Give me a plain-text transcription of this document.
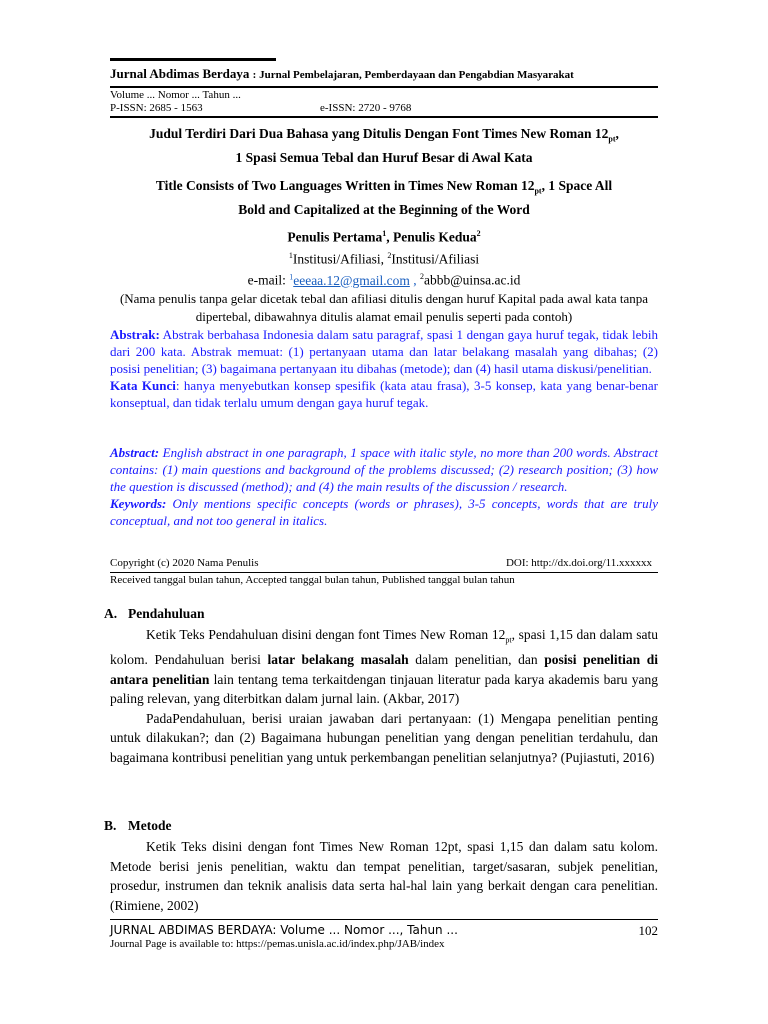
Jurnal Abdimas Berdaya : Jurnal Pembelajaran, Pemberdayaan dan Pengabdian Masyarakat
Volume ... Nomor ... Tahun ...
P-ISSN: 2685 - 1563	e-ISSN: 2720 - 9768
Judul Terdiri Dari Dua Bahasa yang Ditulis Dengan Font Times New Roman $12_{pt}$,
1 Spasi Semua Tebal dan Huruf Besar di Awal Kata
Title Consists of Two Languages Written in Times New Roman $12_{pt}$, 1 Space All
Bold and Capitalized at the Beginning of the Word
Penulis Pertama$^1$, Penulis Kedua$^2$
$^1$Institusi/Afiliasi, $^2$Institusi/Afiliasi
e-mail: $^1$eeeaa.12@gmail.com , $^2$abbb@uinsa.ac.id
(Nama penulis tanpa gelar dicetak tebal dan afiliasi ditulis dengan huruf Kapital pada awal kata tanpa dipertebal, dibawahnya ditulis alamat email penulis seperti pada contoh)
Abstrak: Abstrak berbahasa Indonesia dalam satu paragraf, spasi 1 dengan gaya huruf tegak, tidak lebih dari 200 kata. Abstrak memuat: (1) pertanyaan utama dan latar belakang masalah yang dibahas; (2) posisi penelitian; (3) bagaimana pertanyaan itu dibahas (metode); dan (4) hasil utama diskusi/penelitian.
Kata Kunci: hanya menyebutkan konsep spesifik (kata atau frasa), 3-5 konsep, kata yang benar-benar konseptual, dan tidak terlalu umum dengan gaya huruf tegak.
Abstract: English abstract in one paragraph, 1 space with italic style, no more than 200 words. Abstract contains: (1) main questions and background of the problems discussed; (2) research position; (3) how the question is discussed (method); and (4) the main results of the discussion / research.
Keywords: Only mentions specific concepts (words or phrases), 3-5 concepts, words that are truly conceptual, and not too general in italics.
Copyright (c) 2020 Nama Penulis	DOI: http://dx.doi.org/11.xxxxxx
Received tanggal bulan tahun, Accepted tanggal bulan tahun, Published tanggal bulan tahun
A. Pendahuluan

Ketik Teks Pendahuluan disini dengan font Times New Roman $12_{pt}$, spasi 1,15 dan dalam satu kolom. Pendahuluan berisi latar belakang masalah dalam penelitian, dan posisi penelitian di antara penelitian lain tentang tema terkaitdengan tinjauan literatur pada karya akademis baru yang paling relevan, yang diterbitkan dalam jurnal lain. (Akbar, 2017)

PadaPendahuluan, berisi uraian jawaban dari pertanyaan: (1) Mengapa penelitian penting untuk dilakukan?; dan (2) Bagaimana hubungan penelitian yang dengan penelitian terdahulu, dan bagaimana kontribusi penelitian yang untuk perkembangan penelitian selanjutnya? (Pujiastuti, 2016)

B. Metode

Ketik Teks disini dengan font Times New Roman 12pt, spasi 1,15 dan dalam satu kolom. Metode berisi jenis penelitian, waktu dan tempat penelitian, target/sasaran, subjek penelitian, prosedur, instrumen dan teknik analisis data serta hal-hal lain yang berkait dengan cara penelitian. (Rimiene, 2002)

JURNAL ABDIMAS BERDAYA: Volume ... Nomor ..., Tahun ...	102
Journal Page is available to: https://pemas.unisla.ac.id/index.php/JAB/index
